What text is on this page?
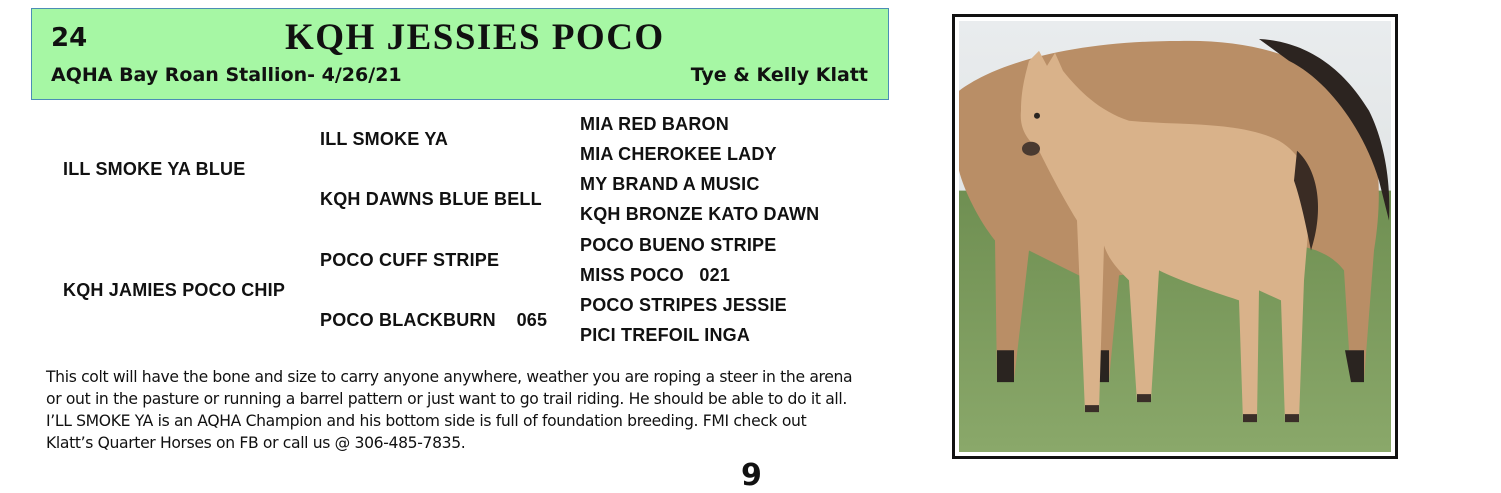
24	KQH JESSIES POCO
AQHA Bay Roan Stallion- 4/26/21	Tye & Kelly Klatt
ILL SMOKE YA BLUE
KQH JAMIES POCO CHIP
ILL SMOKE YA
KQH DAWNS BLUE BELL
POCO CUFF STRIPE
POCO BLACKBURN    065
MIA RED BARON
MIA CHEROKEE LADY
MY BRAND A MUSIC
KQH BRONZE KATO DAWN
POCO BUENO STRIPE
MISS POCO   021
POCO STRIPES JESSIE
PICI TREFOIL INGA
This colt will have the bone and size to carry anyone anywhere, weather you are roping a steer in the arena
or out in the pasture or running a barrel pattern or just want to go trail riding. He should be able to do it all.
I’LL SMOKE YA is an AQHA Champion and his bottom side is full of foundation breeding. FMI check out
Klatt’s Quarter Horses on FB or call us @ 306-485-7835.
9
